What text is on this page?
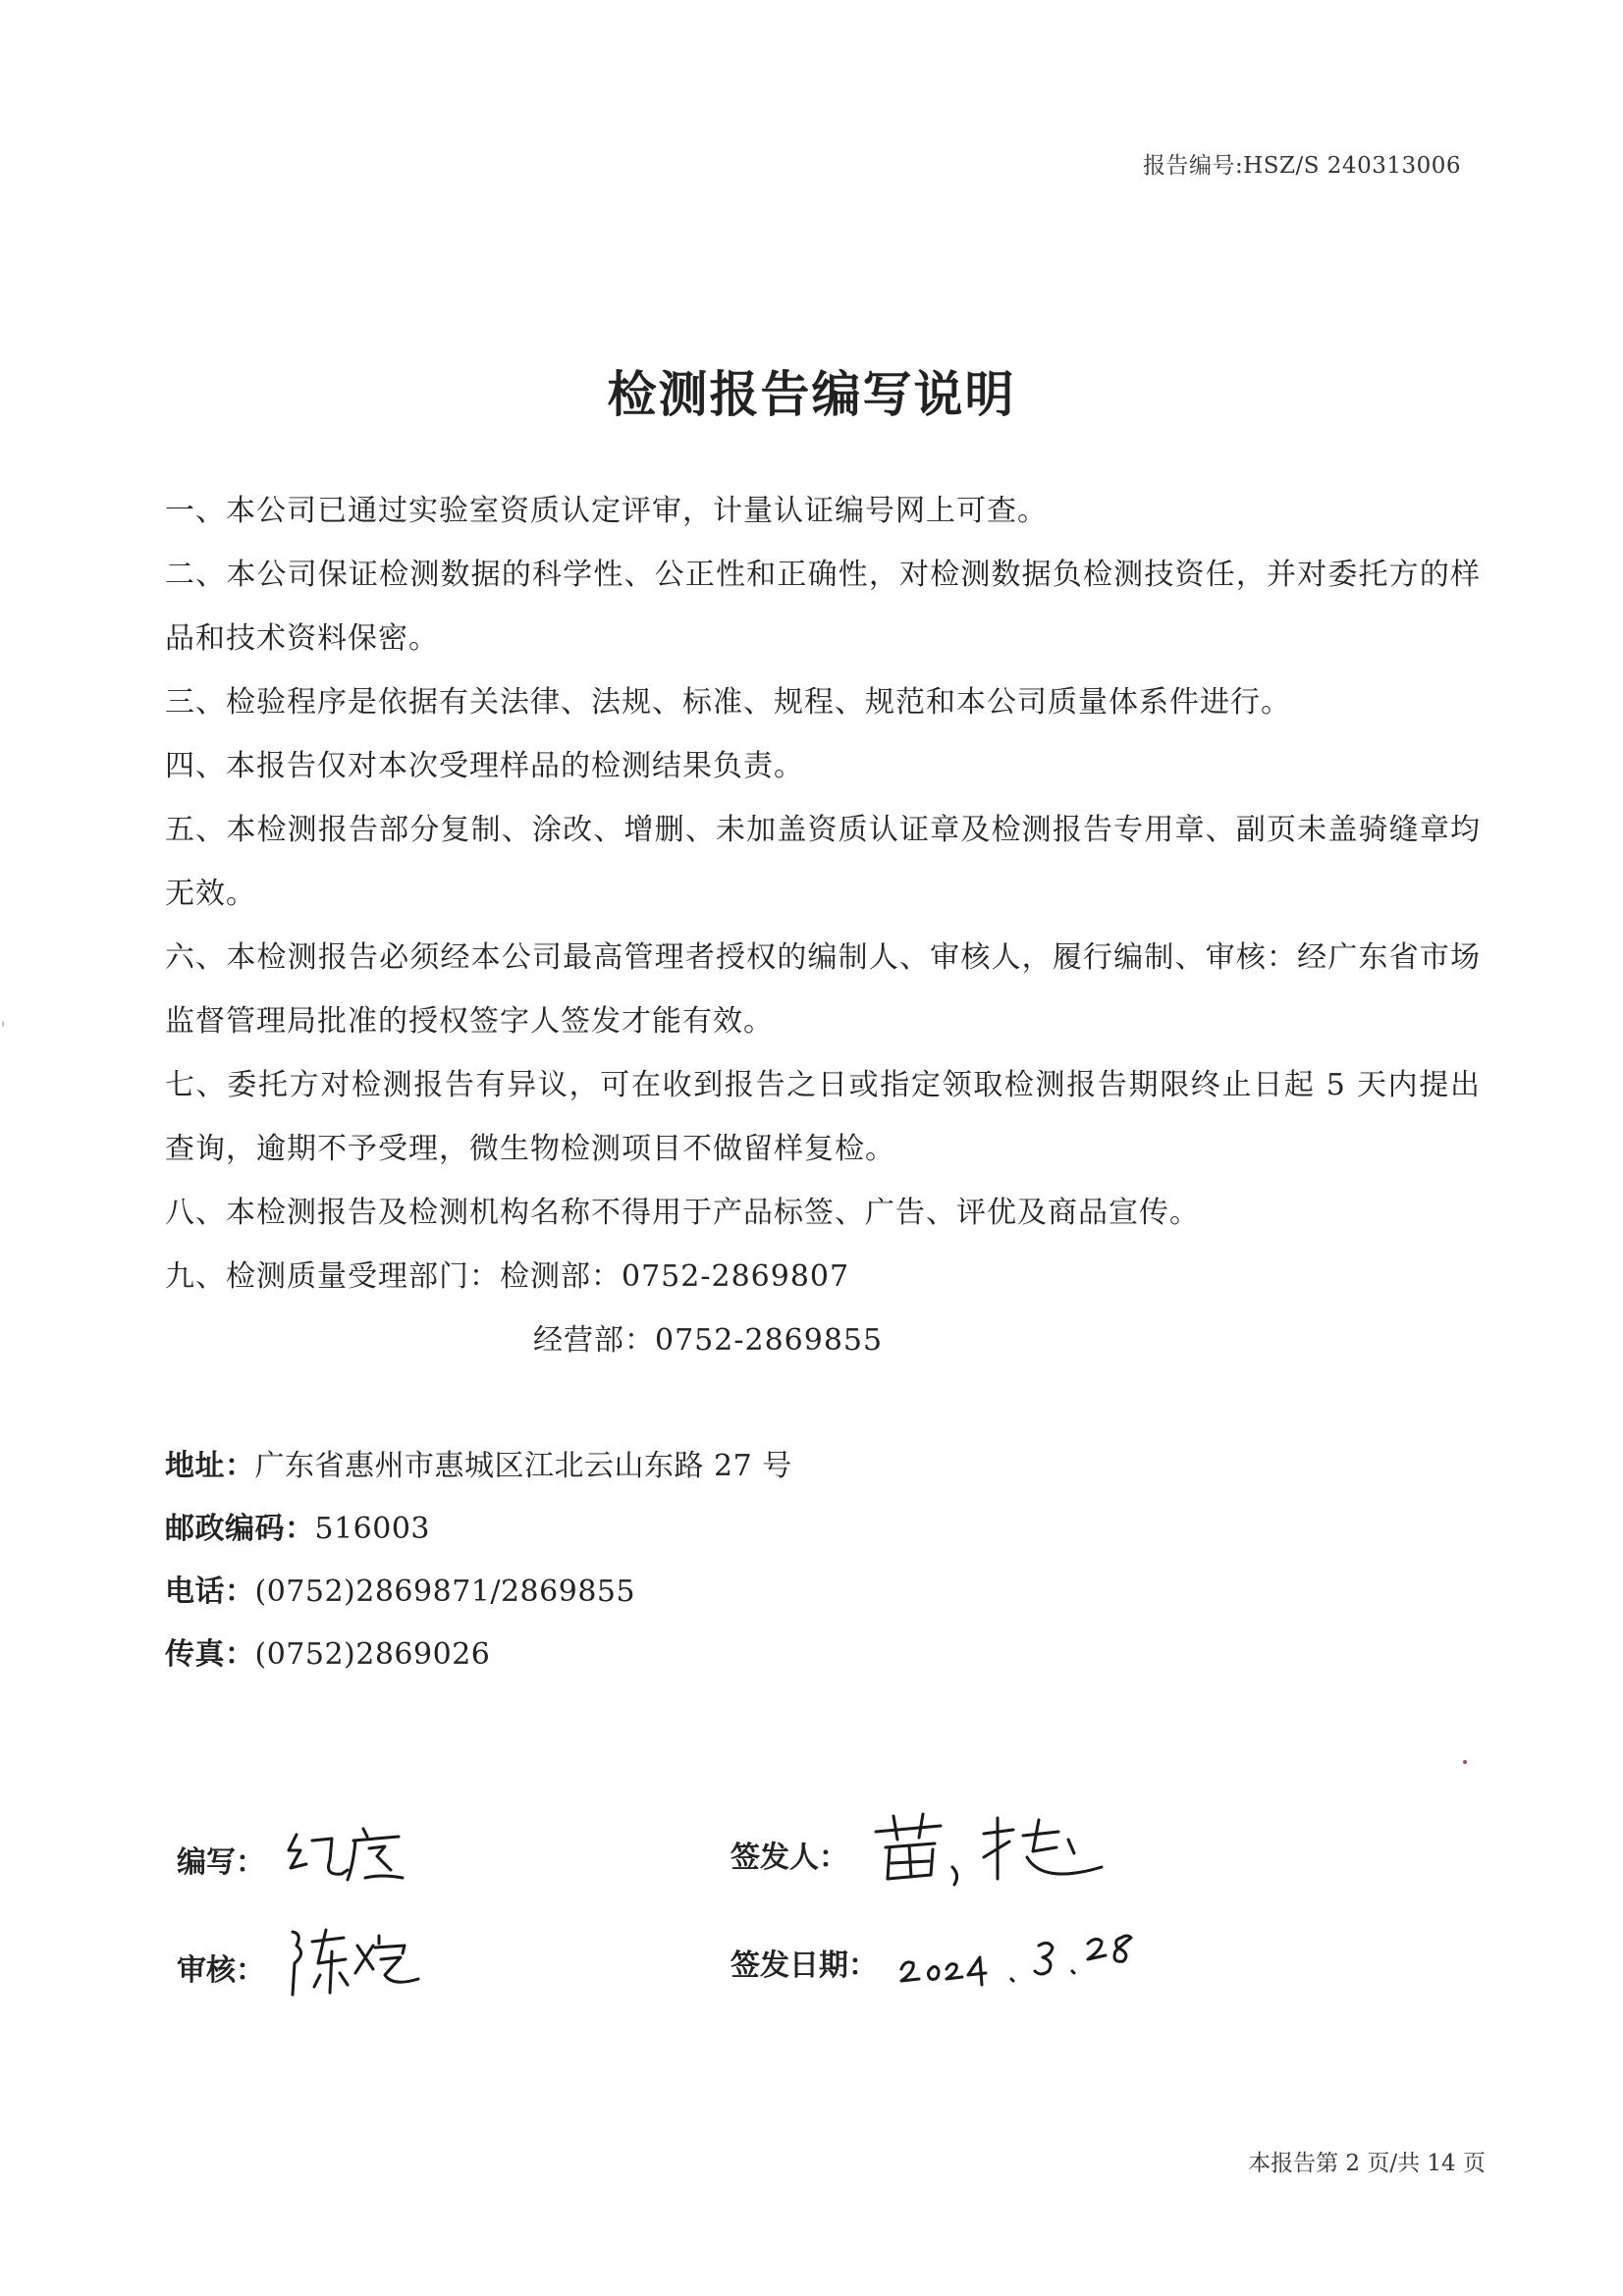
报告编号:HSZ/S 240313006
检测报告编写说明

一、本公司已通过实验室资质认定评审，计量认证编号网上可查。

二、本公司保证检测数据的科学性、公正性和正确性，对检测数据负检测技资任，并对委托方的样品和技术资料保密。

三、检验程序是依据有关法律、法规、标准、规程、规范和本公司质量体系件进行。

四、本报告仅对本次受理样品的检测结果负责。

五、本检测报告部分复制、涂改、增删、未加盖资质认证章及检测报告专用章、副页未盖骑缝章均无效。

六、本检测报告必须经本公司最高管理者授权的编制人、审核人，履行编制、审核：经广东省市场监督管理局批准的授权签字人签发才能有效。

七、委托方对检测报告有异议，可在收到报告之日或指定领取检测报告期限终止日起 5 天内提出查询，逾期不予受理，微生物检测项目不做留样复检。

八、本检测报告及检测机构名称不得用于产品标签、广告、评优及商品宣传。

九、检测质量受理部门：检测部：0752-2869807

经营部：0752-2869855

地址：广东省惠州市惠城区江北云山东路 27 号

邮政编码：516003

电话：(0752)2869871/2869855

传真：(0752)2869026

编写：
审核：
签发人：
签发日期：
本报告第 2 页/共 14 页
